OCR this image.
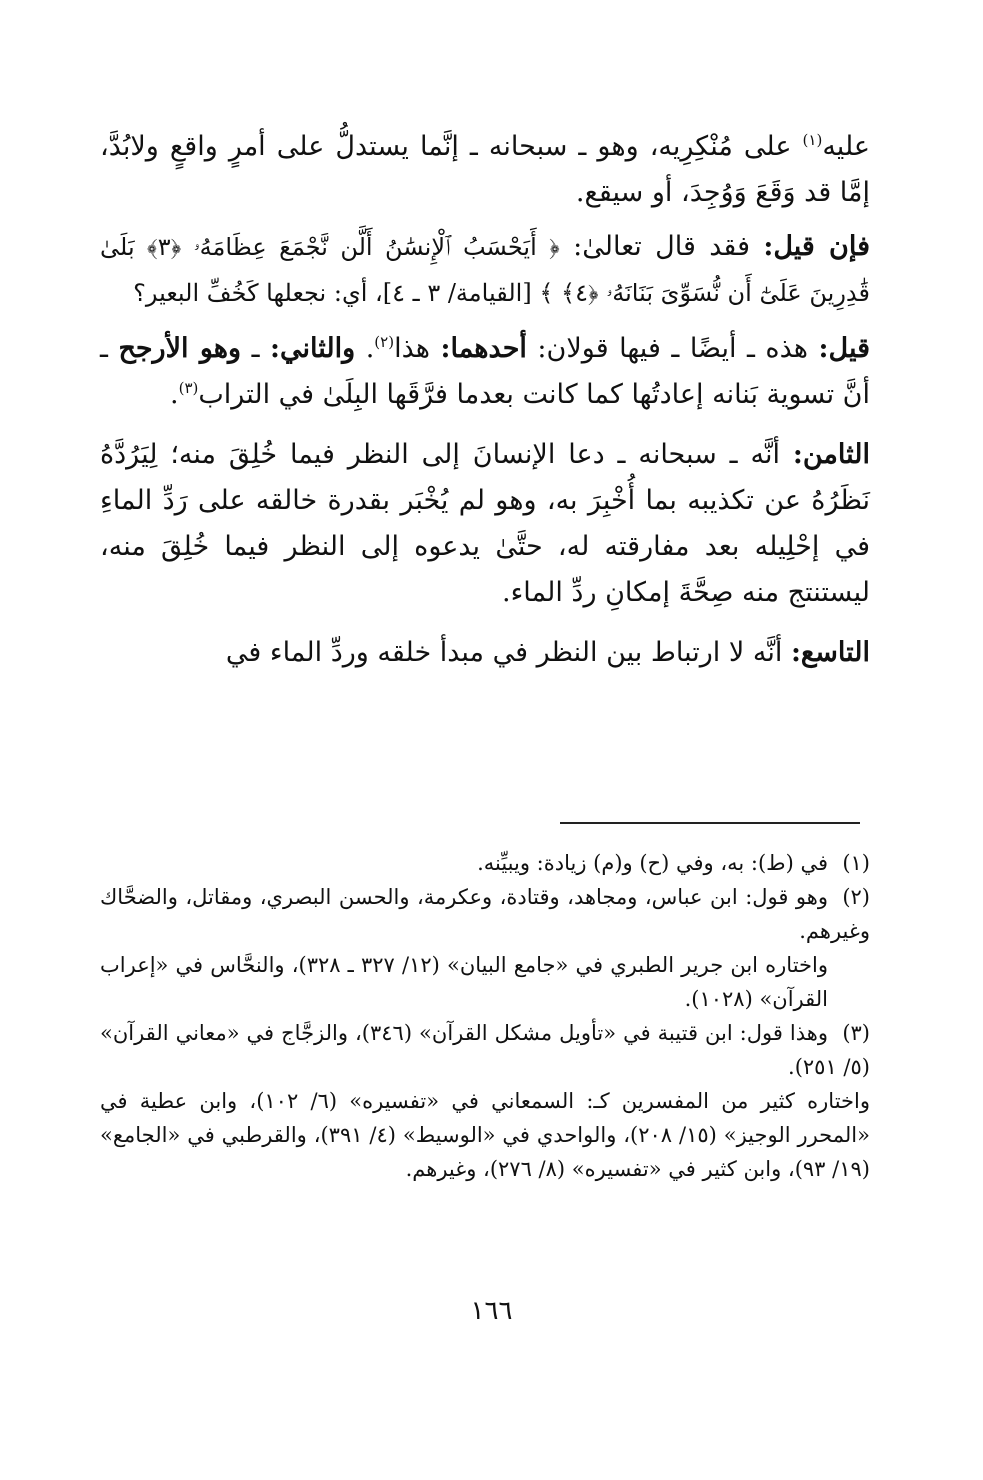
عليه$^{(١)}$ على مُنْكِرِيه، وهو ـ سبحانه ـ إنَّما يستدلُّ على أمرٍ واقعٍ ولابُدَّ، إمَّا قد وَقَعَ وَوُجِدَ، أو سيقع.

فإن قيل: فقد قال تعالىٰ: ﴿ أَيَحْسَبُ ٱلْإِنسَٰنُ أَلَّن نَّجْمَعَ عِظَامَهُۥ ﴿٣﴾ بَلَىٰ قَٰدِرِينَ عَلَىٰٓ أَن نُّسَوِّىَ بَنَانَهُۥ ﴿٤﴾ ﴾ [القيامة/ ٣ ـ ٤]، أي: نجعلها كَخُفِّ البعير؟

قيل: هذه ـ أيضًا ـ فيها قولان: أحدهما: هذا$^{(٢)}$. والثاني: ـ وهو الأرجح ـ أنَّ تسوية بَنانه إعادتُها كما كانت بعدما فرَّقَها البِلَىٰ في التراب$^{(٣)}$.

الثامن: أنَّه ـ سبحانه ـ دعا الإنسانَ إلى النظر فيما خُلِقَ منه؛ لِيَرُدَّهُ نَظَرُهُ عن تكذيبه بما أُخْبِرَ به، وهو لم يُخْبَر بقدرة خالقه على رَدِّ الماءِ في إحْلِيله بعد مفارقته له، حتَّىٰ يدعوه إلى النظر فيما خُلِقَ منه، ليستنتج منه صِحَّةَ إمكانِ ردِّ الماء.

التاسع: أنَّه لا ارتباط بين النظر في مبدأ خلقه وردِّ الماء في

(١)في (ط): به، وفي (ح) و(م) زيادة: ويبيِّنه.
(٢)وهو قول: ابن عباس، ومجاهد، وقتادة، وعكرمة، والحسن البصري، ومقاتل، والضحَّاك وغيرهم.
واختاره ابن جرير الطبري في «جامع البيان» (١٢/ ٣٢٧ ـ ٣٢٨)، والنحَّاس في «إعراب القرآن» (١٠٢٨).
(٣)وهذا قول: ابن قتيبة في «تأويل مشكل القرآن» (٣٤٦)، والزجَّاج في «معاني القرآن» (٥/ ٢٥١).
واختاره كثير من المفسرين كـ: السمعاني في «تفسيره» (٦/ ١٠٢)، وابن عطية في «المحرر الوجيز» (١٥/ ٢٠٨)، والواحدي في «الوسيط» (٤/ ٣٩١)، والقرطبي في «الجامع» (١٩/ ٩٣)، وابن كثير في «تفسيره» (٨/ ٢٧٦)، وغيرهم.
١٦٦
